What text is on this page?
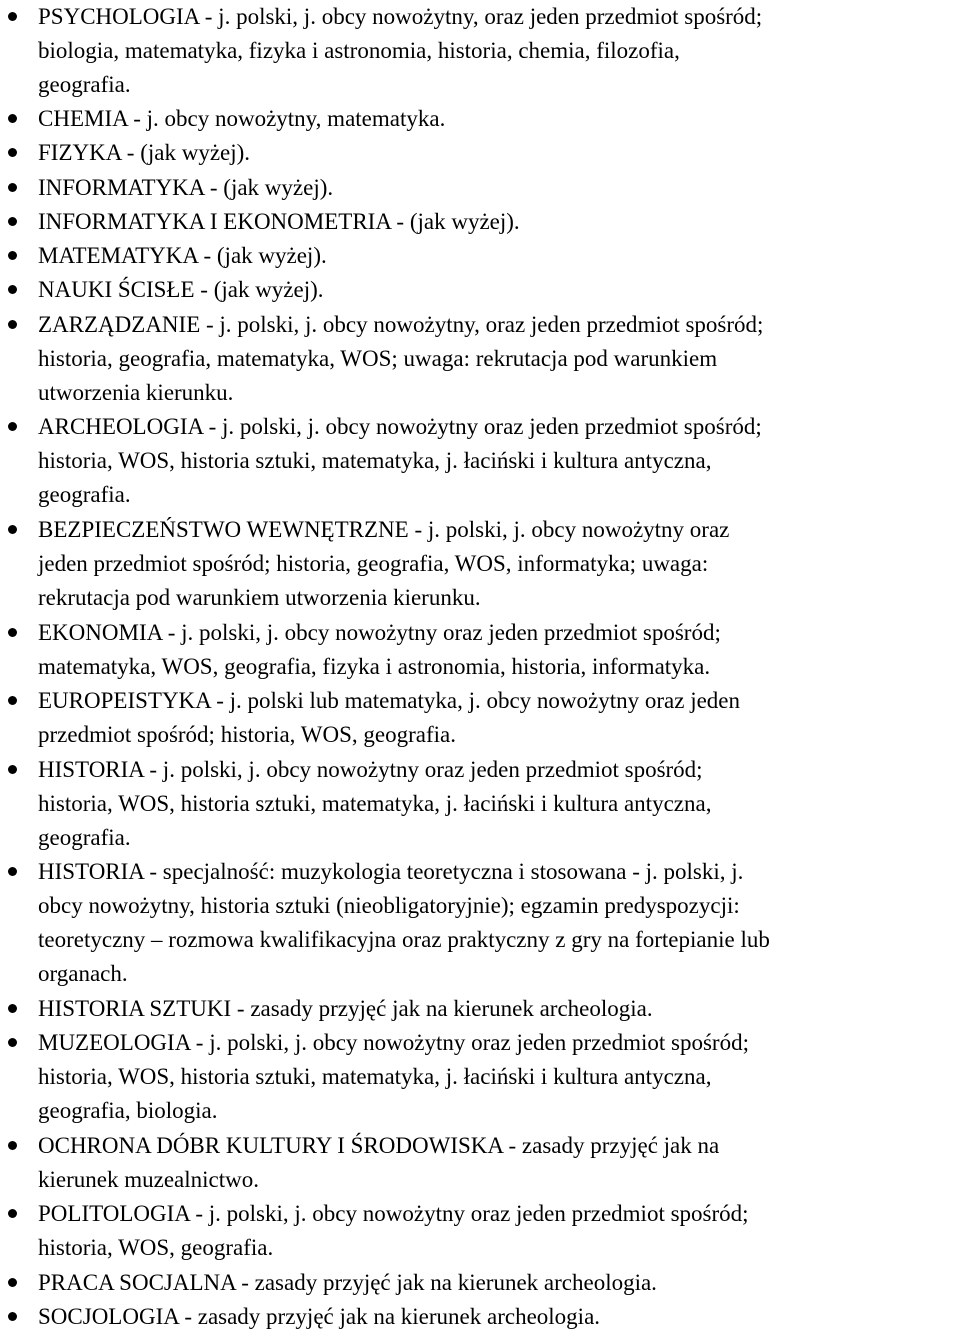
PSYCHOLOGIA - j. polski, j. obcy nowożytny, oraz jeden przedmiot spośród;
biologia, matematyka, fizyka i astronomia, historia, chemia, filozofia,
geografia.
CHEMIA - j. obcy nowożytny, matematyka.
FIZYKA - (jak wyżej).
INFORMATYKA - (jak wyżej).
INFORMATYKA I EKONOMETRIA - (jak wyżej).
MATEMATYKA - (jak wyżej).
NAUKI ŚCISŁE - (jak wyżej).
ZARZĄDZANIE - j. polski, j. obcy nowożytny, oraz jeden przedmiot spośród;
historia, geografia, matematyka, WOS; uwaga: rekrutacja pod warunkiem
utworzenia kierunku.
ARCHEOLOGIA - j. polski, j. obcy nowożytny oraz jeden przedmiot spośród;
historia, WOS, historia sztuki, matematyka, j. łaciński i kultura antyczna,
geografia.
BEZPIECZEŃSTWO WEWNĘTRZNE - j. polski, j. obcy nowożytny oraz
jeden przedmiot spośród; historia, geografia, WOS, informatyka; uwaga:
rekrutacja pod warunkiem utworzenia kierunku.
EKONOMIA - j. polski, j. obcy nowożytny oraz jeden przedmiot spośród;
matematyka, WOS, geografia, fizyka i astronomia, historia, informatyka.
EUROPEISTYKA - j. polski lub matematyka, j. obcy nowożytny oraz jeden
przedmiot spośród; historia, WOS, geografia.
HISTORIA - j. polski, j. obcy nowożytny oraz jeden przedmiot spośród;
historia, WOS, historia sztuki, matematyka, j. łaciński i kultura antyczna,
geografia.
HISTORIA - specjalność: muzykologia teoretyczna i stosowana - j. polski, j.
obcy nowożytny, historia sztuki (nieobligatoryjnie); egzamin predyspozycji:
teoretyczny – rozmowa kwalifikacyjna oraz praktyczny z gry na fortepianie lub
organach.
HISTORIA SZTUKI - zasady przyjęć jak na kierunek archeologia.
MUZEOLOGIA - j. polski, j. obcy nowożytny oraz jeden przedmiot spośród;
historia, WOS, historia sztuki, matematyka, j. łaciński i kultura antyczna,
geografia, biologia.
OCHRONA DÓBR KULTURY I ŚRODOWISKA - zasady przyjęć jak na
kierunek muzealnictwo.
POLITOLOGIA - j. polski, j. obcy nowożytny oraz jeden przedmiot spośród;
historia, WOS, geografia.
PRACA SOCJALNA - zasady przyjęć jak na kierunek archeologia.
SOCJOLOGIA - zasady przyjęć jak na kierunek archeologia.
